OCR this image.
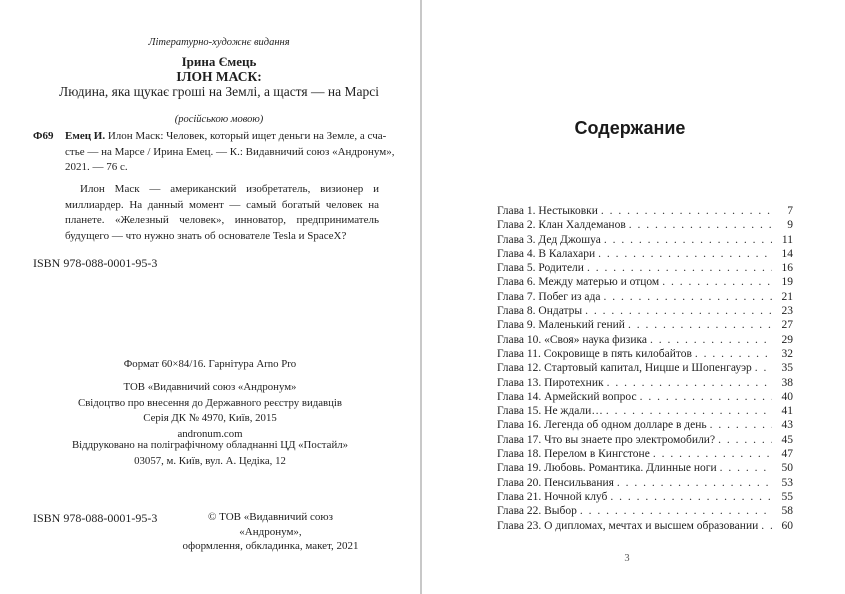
Літературно-художнє видання
Ірина Ємець
ІЛОН МАСК:
Людина, яка щукає гроші на Землі, а щастя — на Марсі
(російською мовою)
Ф69 Емец И. Илон Маск: Человек, который ищет деньги на Земле, а сча-
стье — на Марсе / Ирина Емец. — К.: Видавничий союз «Андронум»,
2021. — 76 с.
Илон Маск — американский изобретатель, визионер и миллиардер. На данный момент — самый богатый человек на планете. «Железный человек», инноватор, предприниматель будущего — что нужно знать об основателе Tesla и SpaceX?
ISBN 978-088-0001-95-3
Формат 60×84/16. Гарнітура Arno Pro
ТОВ «Видавничий союз «Андронум»
Свідоцтво про внесення до Державного реєстру видавців
Серія ДК № 4970, Київ, 2015
andronum.com
Віддруковано на поліграфічному обладнанні ЦД «Постайл»
03057, м. Київ, вул. А. Цедіка, 12
ISBN 978-088-0001-95-3	© ТОВ «Видавничий союз «Андронум»,
оформлення, обкладинка, макет, 2021
Содержание
Глава 1. Нестыковки . . .	7
Глава 2. Клан Халдеманов . . .	9
Глава 3. Дед Джошуа . . .	11
Глава 4. В Калахари . . .	14
Глава 5. Родители . . .	16
Глава 6. Между матерью и отцом . . .	19
Глава 7. Побег из ада . . .	21
Глава 8. Ондатры . . .	23
Глава 9. Маленький гений . . .	27
Глава 10. «Своя» наука физика . . .	29
Глава 11. Сокровище в пять килобайтов . . .	32
Глава 12. Стартовый капитал, Ницше и Шопенгауэр . . .	35
Глава 13. Пиротехник . . .	38
Глава 14. Армейский вопрос . . .	40
Глава 15. Не ждали… . . .	41
Глава 16. Легенда об одном долларе в день . . .	43
Глава 17. Что вы знаете про электромобили? . . .	45
Глава 18. Перелом в Кингстоне . . .	47
Глава 19. Любовь. Романтика. Длинные ноги . . .	50
Глава 20. Пенсильвания . . .	53
Глава 21. Ночной клуб . . .	55
Глава 22. Выбор . . .	58
Глава 23. О дипломах, мечтах и высшем образовании . . .	60
3
